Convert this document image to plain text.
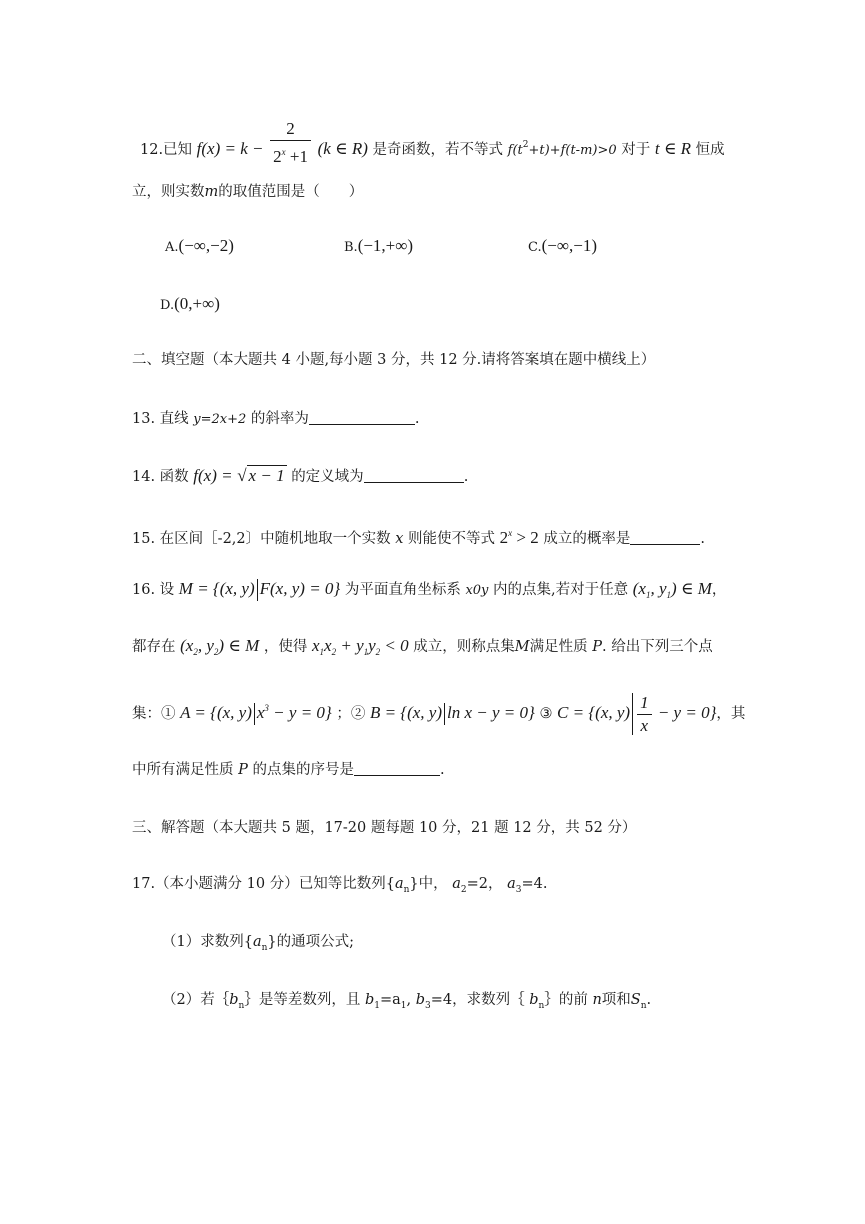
12.已知 $f(x) = k - \frac{2}{2^x +1} (k$ ∈ R) 是奇函数，若不等式 $f(t^2+t)+f(t-m)>0$ 对于 t ∈ R 恒成
立，则实数m的取值范围是（　　）
A.(−∞,−2)	B.(−1,+∞)	C.(−∞,−1)
D.(0,+∞)
二、填空题（本大题共 4 小题,每小题 3 分，共 12 分.请将答案填在题中横线上）
13. 直线 y=2x+2 的斜率为	.
14. 函数 f(x) = √ x − 1 的定义域为	.
15. 在区间［-2,2〕中随机地取一个实数 x 则能使不等式 $2^x > 2$ 成立的概率是	.
16. 设 M = {(x, y) F(x, y) = 0} 为平面直角坐标系 x0y 内的点集,若对于任意 ($x_1$, $y_1$) ∈ M，
都存在 ($x_2$, $y_2$) ∈ M ，使得 $x_1x_2 + y_1y_2 < 0$ 成立，则称点集M满足性质 P. 给出下列三个点
集：① A = {(x, y) $x^3 - y = 0$} ；② B = {(x, y) ln x − y = 0} ③ C = {(x, $y) \frac{1}{x} - y = 0$}，其
中所有满足性质 P 的点集的序号是	.
三、解答题（本大题共 5 题，17-20 题每题 10 分，21 题 12 分，共 52 分）
17.（本小题满分 10 分）已知等比数列$\{a_n\}$中， $a_2=2$， $a_3=4$.
（1）求数列$\{a_n\}$的通项公式;
（2）若$\{b_n\}$是等差数列，且 $b_1=a_1$, $b_3=4$，求数列｛ $b_n\}$的前 n项和$S_n$.
